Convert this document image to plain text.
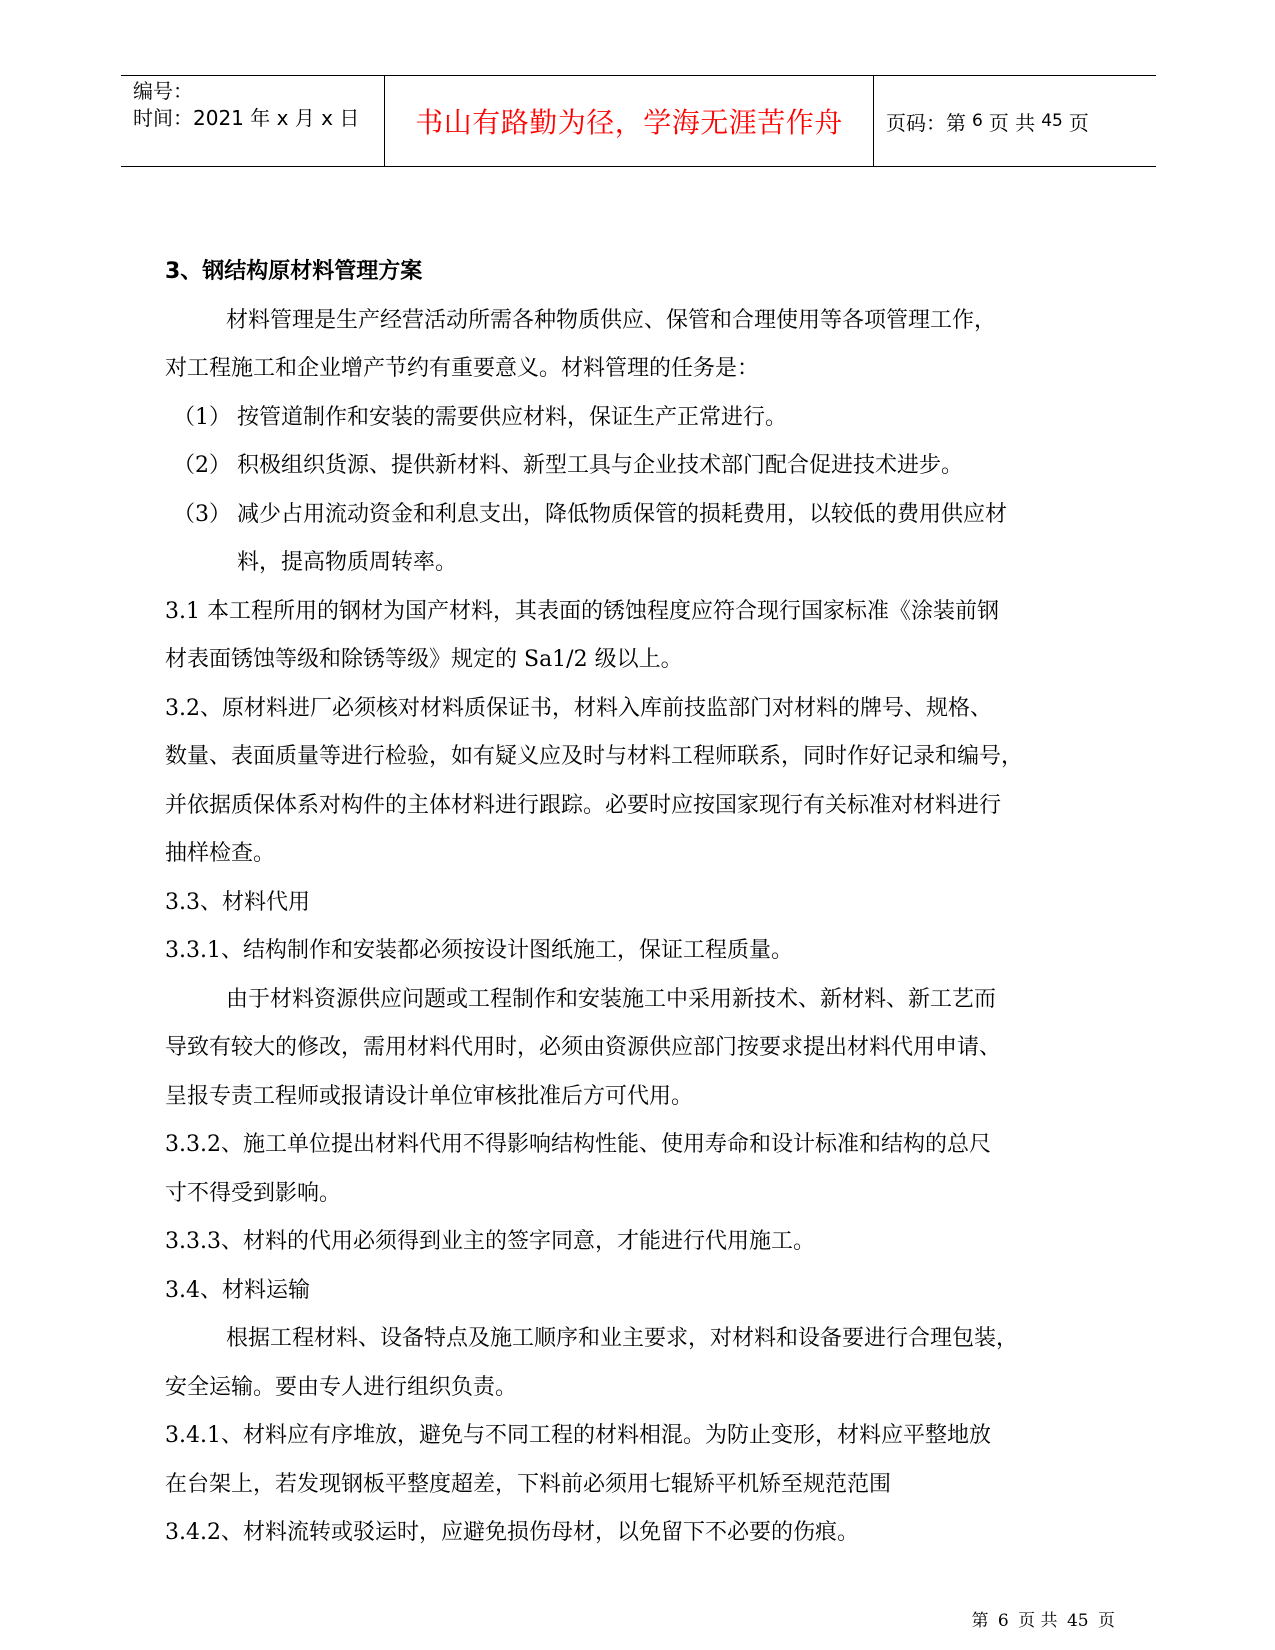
编号：
时间：2021 年 x 月 x 日	书山有路勤为径，学海无涯苦作舟	页码：第 6 页 共 45 页

3、钢结构原材料管理方案

材料管理是生产经营活动所需各种物质供应、保管和合理使用等各项管理工作，

对工程施工和企业增产节约有重要意义。材料管理的任务是：

（1） 按管道制作和安装的需要供应材料，保证生产正常进行。

（2） 积极组织货源、提供新材料、新型工具与企业技术部门配合促进技术进步。

（3） 减少占用流动资金和利息支出，降低物质保管的损耗费用，以较低的费用供应材

料，提高物质周转率。

3.1 本工程所用的钢材为国产材料，其表面的锈蚀程度应符合现行国家标准《涂装前钢

材表面锈蚀等级和除锈等级》规定的 Sa1/2 级以上。

3.2、原材料进厂必须核对材料质保证书，材料入库前技监部门对材料的牌号、规格、

数量、表面质量等进行检验，如有疑义应及时与材料工程师联系，同时作好记录和编号，

并依据质保体系对构件的主体材料进行跟踪。必要时应按国家现行有关标准对材料进行

抽样检查。

3.3、材料代用

3.3.1、结构制作和安装都必须按设计图纸施工，保证工程质量。

由于材料资源供应问题或工程制作和安装施工中采用新技术、新材料、新工艺而

导致有较大的修改，需用材料代用时，必须由资源供应部门按要求提出材料代用申请、

呈报专责工程师或报请设计单位审核批准后方可代用。

3.3.2、施工单位提出材料代用不得影响结构性能、使用寿命和设计标准和结构的总尺

寸不得受到影响。

3.3.3、材料的代用必须得到业主的签字同意，才能进行代用施工。

3.4、材料运输

根据工程材料、设备特点及施工顺序和业主要求，对材料和设备要进行合理包装，

安全运输。要由专人进行组织负责。

3.4.1、材料应有序堆放，避免与不同工程的材料相混。为防止变形，材料应平整地放

在台架上，若发现钢板平整度超差，下料前必须用七辊矫平机矫至规范范围

3.4.2、材料流转或驳运时，应避免损伤母材，以免留下不必要的伤痕。

第 6 页 共 45 页
